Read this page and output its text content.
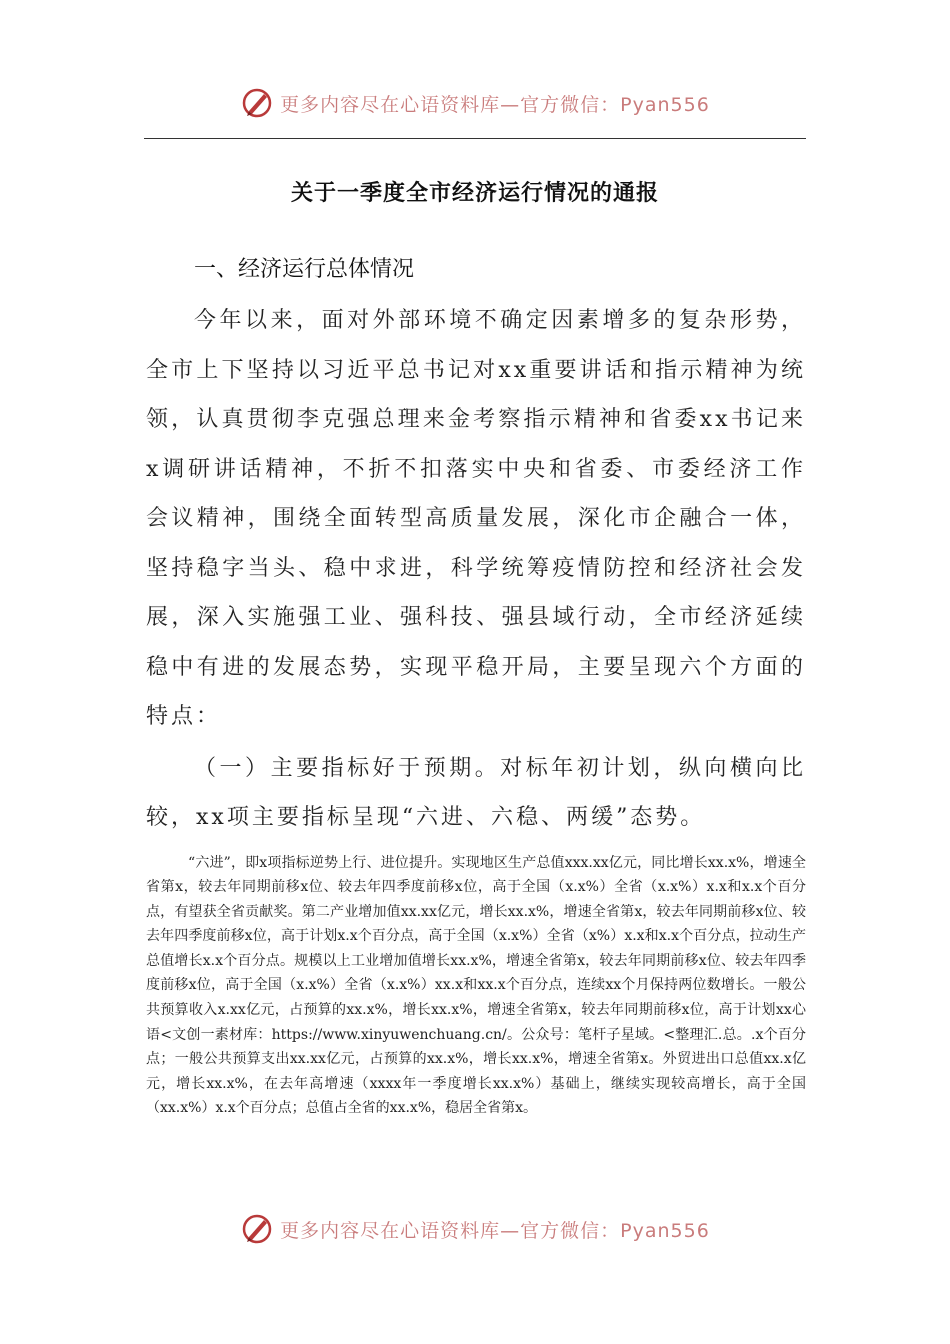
更多内容尽在心语资料库—官方微信：Pyan556
关于一季度全市经济运行情况的通报

一、经济运行总体情况

今年以来，面对外部环境不确定因素增多的复杂形势，全市上下坚持以习近平总书记对xx重要讲话和指示精神为统领，认真贯彻李克强总理来金考察指示精神和省委xx书记来x调研讲话精神，不折不扣落实中央和省委、市委经济工作会议精神，围绕全面转型高质量发展，深化市企融合一体，坚持稳字当头、稳中求进，科学统筹疫情防控和经济社会发展，深入实施强工业、强科技、强县域行动，全市经济延续稳中有进的发展态势，实现平稳开局，主要呈现六个方面的特点：

（一）主要指标好于预期。对标年初计划，纵向横向比较，xx项主要指标呈现“六进、六稳、两缓”态势。

“六进”，即x项指标逆势上行、进位提升。实现地区生产总值xxx.xx亿元，同比增长xx.x%，增速全省第x，较去年同期前移x位、较去年四季度前移x位，高于全国（x.x%）全省（x.x%）x.x和x.x个百分点，有望获全省贡献奖。第二产业增加值xx.xx亿元，增长xx.x%，增速全省第x，较去年同期前移x位、较去年四季度前移x位，高于计划x.x个百分点，高于全国（x.x%）全省（x%）x.x和x.x个百分点，拉动生产总值增长x.x个百分点。规模以上工业增加值增长xx.x%，增速全省第x，较去年同期前移x位、较去年四季度前移x位，高于全国（x.x%）全省（x.x%）xx.x和xx.x个百分点，连续xx个月保持两位数增长。一般公共预算收入x.xx亿元，占预算的xx.x%，增长xx.x%，增速全省第x，较去年同期前移x位，高于计划xx心语<文创一素材库：https://www.xinyuwenchuang.cn/。公众号：笔杆子星域。<整理汇.总。.x个百分点；一般公共预算支出xx.xx亿元，占预算的xx.x%，增长xx.x%，增速全省第x。外贸进出口总值xx.x亿元，增长xx.x%，在去年高增速（xxxx年一季度增长xx.x%）基础上，继续实现较高增长，高于全国（xx.x%）x.x个百分点；总值占全省的xx.x%，稳居全省第x。

更多内容尽在心语资料库—官方微信：Pyan556
